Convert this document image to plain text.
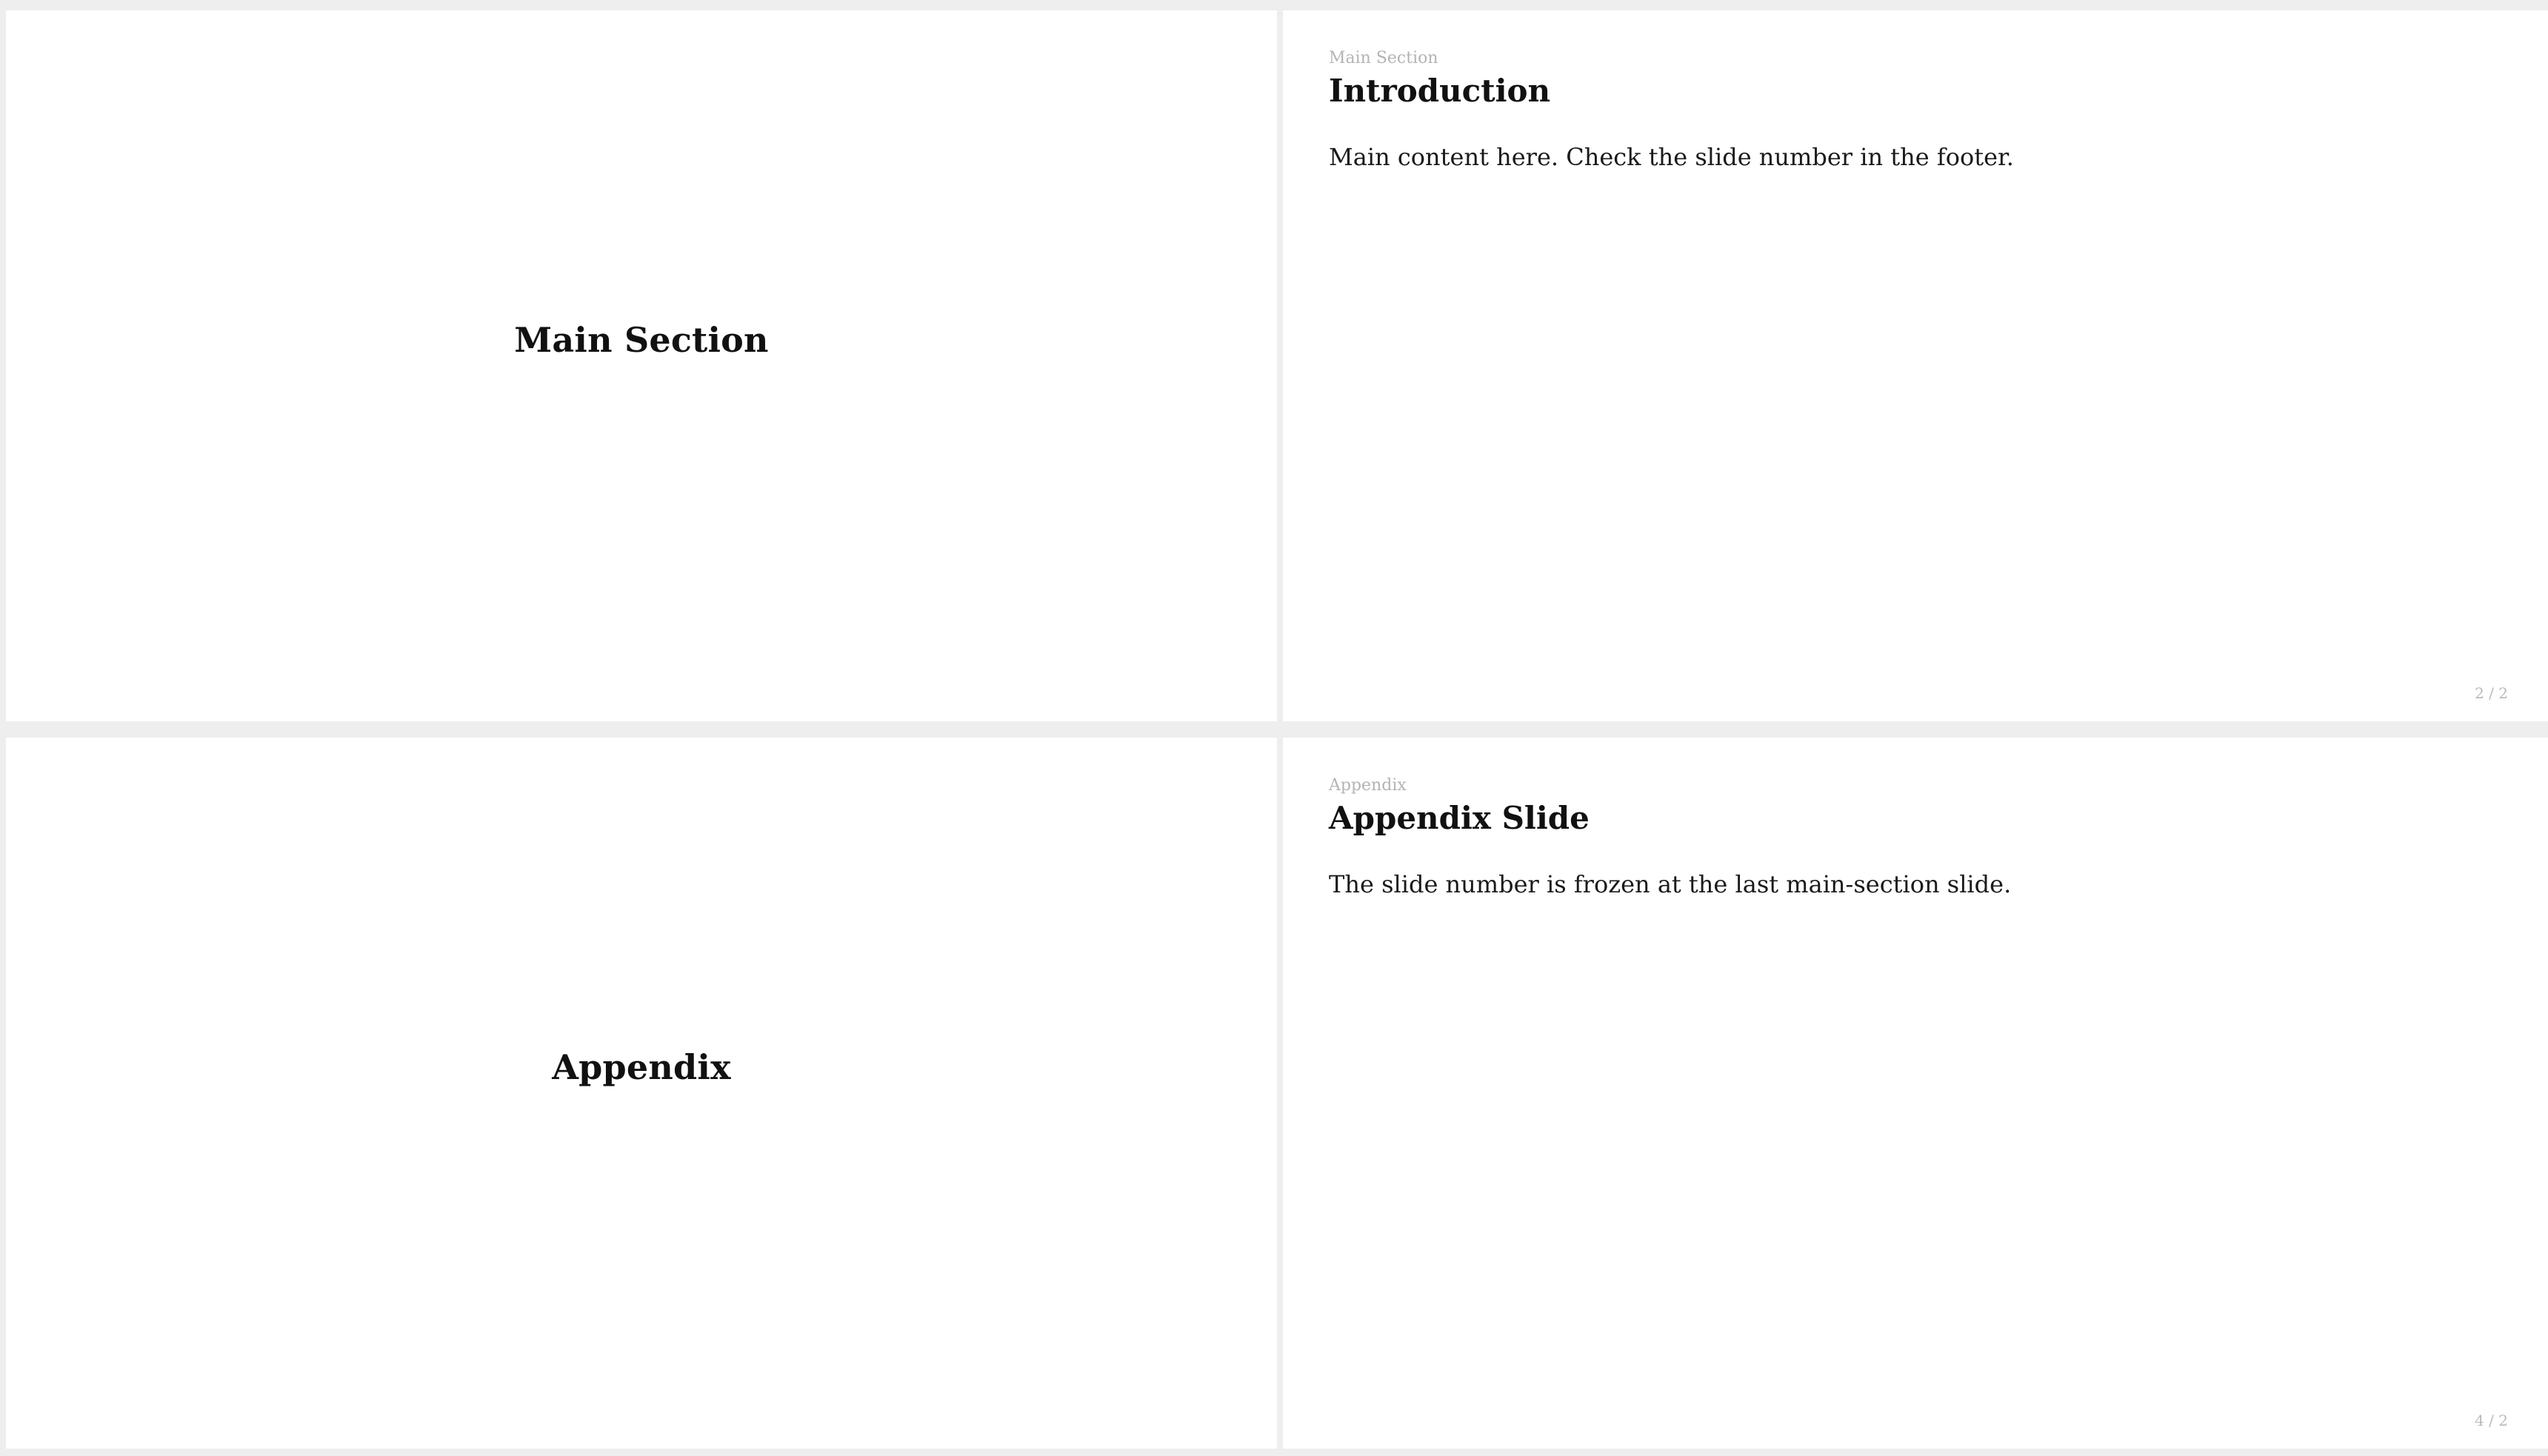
Main Section
Main Section
Introduction

Main content here. Check the slide number in the footer.

2 / 2
Appendix
Appendix
Appendix Slide

The slide number is frozen at the last main-section slide.

4 / 2
